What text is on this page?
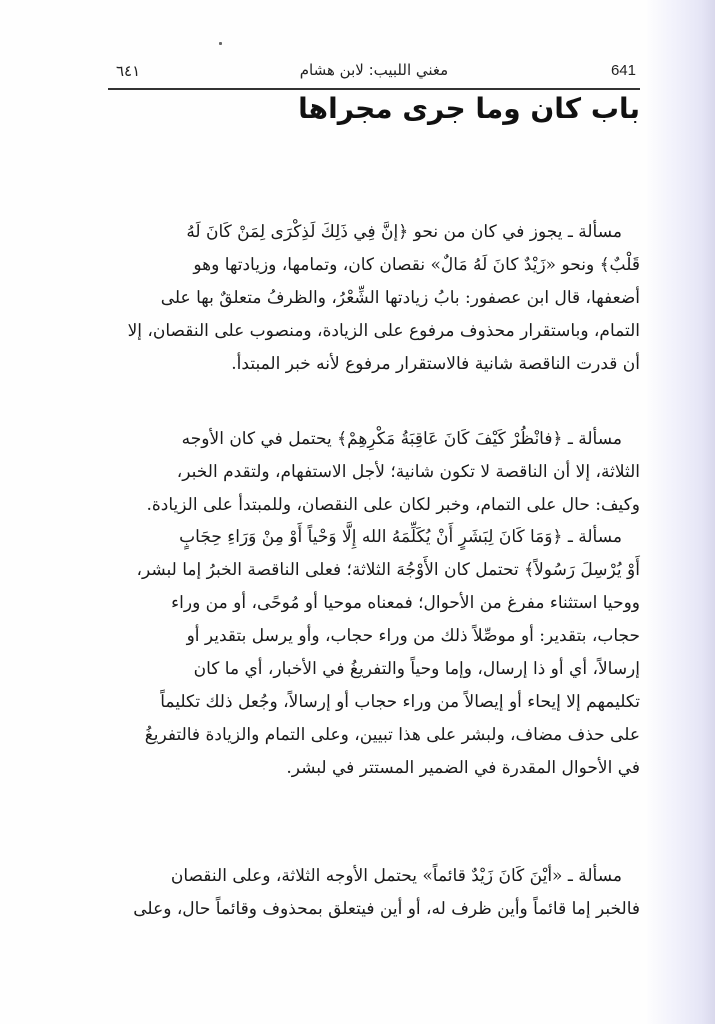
٦٤١	مغني اللبيب: لابن هشام	641
باب كان وما جرى مجراها
مسألة ـ يجوز في كان من نحو ﴿إنَّ فِي ذَلِكَ لَذِكْرَى لِمَنْ كَانَ لَهُ
قَلْبٌ﴾ ونحو «زَيْدٌ كانَ لَهُ مَالٌ» نقصان كان، وتمامها، وزيادتها وهو
أضعفها، قال ابن عصفور: بابُ زيادتها الشِّعْرُ، والظرفُ متعلقٌ بها على
التمام، وباستقرار محذوف مرفوع على الزيادة، ومنصوب على النقصان، إلا
أن قدرت الناقصة شانية فالاستقرار مرفوع لأنه خبر المبتدأ.
مسألة ـ ﴿فانْظُرْ كَيْفَ كَانَ عَاقِبَةُ مَكْرِهِمْ﴾ يحتمل في كان الأوجه
الثلاثة، إلا أن الناقصة لا تكون شانية؛ لأجل الاستفهام، ولتقدم الخبر،
وكيف: حال على التمام، وخبر لكان على النقصان، وللمبتدأ على الزيادة.
مسألة ـ ﴿وَمَا كَانَ لِبَشَرٍ أَنْ يُكَلِّمَهُ الله إِلَّا وَحْياً أَوْ مِنْ وَرَاءِ حِجَابٍ
أَوْ يُرْسِلَ رَسُولاً﴾ تحتمل كان الأَوْجُهَ الثلاثة؛ فعلى الناقصة الخبرُ إما لبشر،
ووحيا استثناء مفرغ من الأحوال؛ فمعناه موحيا أو مُوحًى، أو من وراء
حجاب، بتقدير: أو موصِّلاً ذلك من وراء حجاب، وأو يرسل بتقدير أو
إرسالاً، أي أو ذا إرسال، وإما وحياً والتفريغُ في الأخبار، أي ما كان
تكليمهم إلا إيحاء أو إيصالاً من وراء حجاب أو إرسالاً، وجُعل ذلك تكليماً
على حذف مضاف، ولبشر على هذا تبيين، وعلى التمام والزيادة فالتفريغُ
في الأحوال المقدرة في الضمير المستتر في لبشر.
مسألة ـ «أيْنَ كَانَ زَيْدٌ قائماً» يحتمل الأوجه الثلاثة، وعلى النقصان
فالخبر إما قائماً وأين ظرف له، أو أين فيتعلق بمحذوف وقائماً حال، وعلى
